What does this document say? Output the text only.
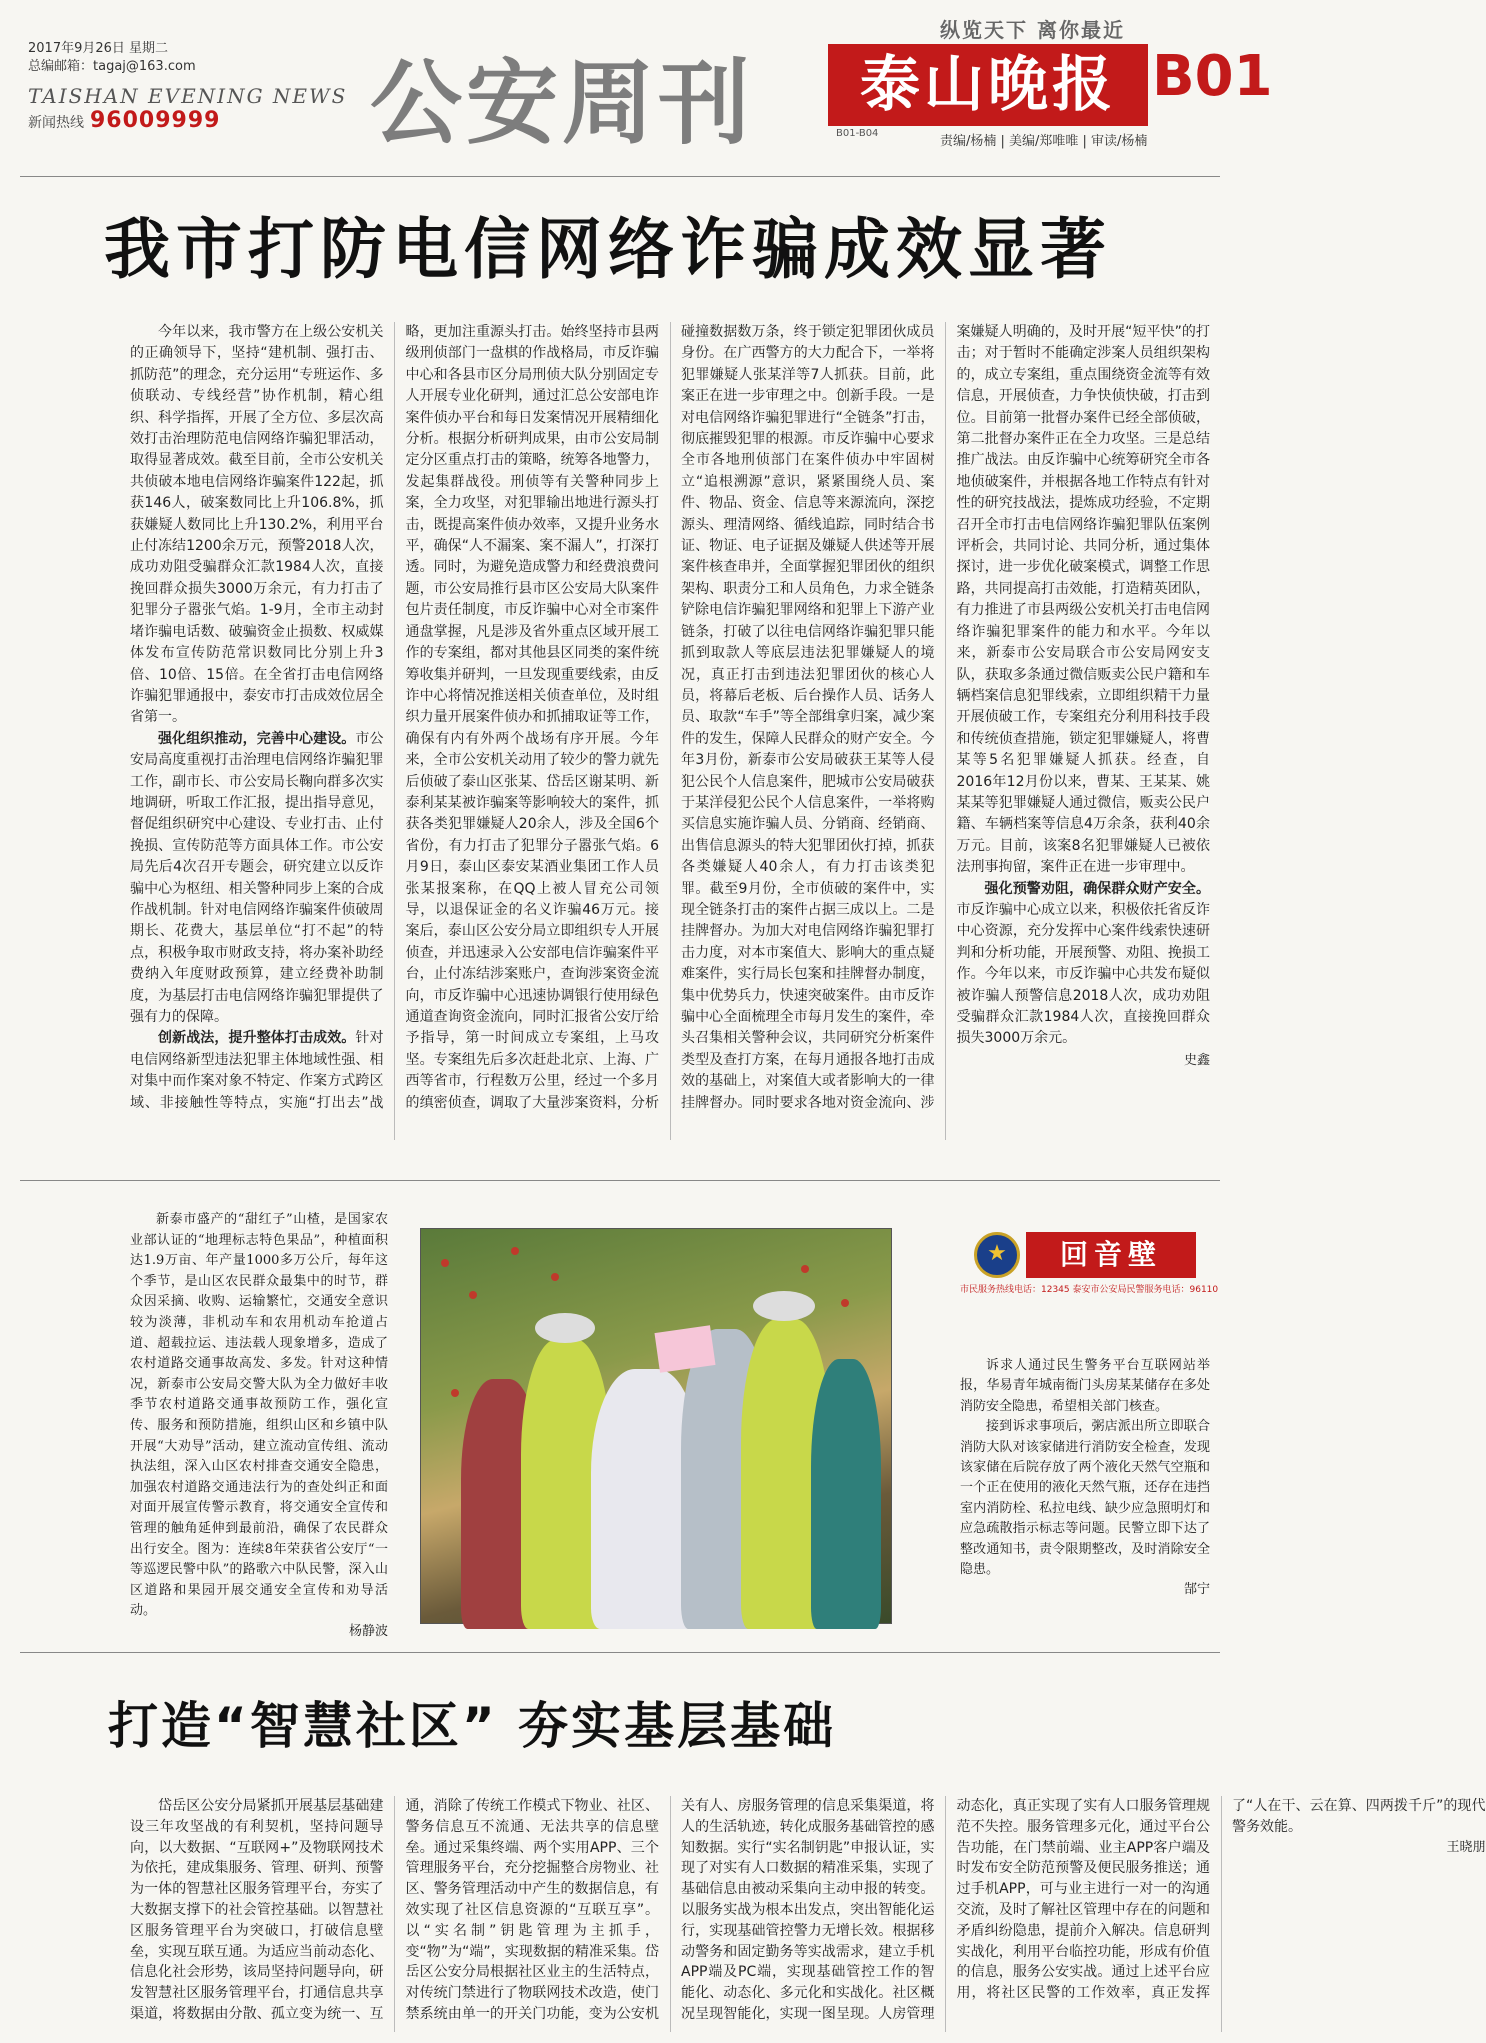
2017年9月26日 星期二
总编邮箱：tagaj@163.com
TAISHAN EVENING NEWS
新闻热线 96009999 公安周刊
纵览天下 离你最近
泰山晚报 B01
B01-B04
责编/杨楠 | 美编/郑唯唯 | 审读/杨楠
我市打防电信网络诈骗成效显著

今年以来，我市警方在上级公安机关的正确领导下，坚持“建机制、强打击、抓防范”的理念，充分运用“专班运作、多侦联动、专线经营”协作机制，精心组织、科学指挥，开展了全方位、多层次高效打击治理防范电信网络诈骗犯罪活动，取得显著成效。截至目前，全市公安机关共侦破本地电信网络诈骗案件122起，抓获146人，破案数同比上升106.8%，抓获嫌疑人数同比上升130.2%，利用平台止付冻结1200余万元，预警2018人次，成功劝阻受骗群众汇款1984人次，直接挽回群众损失3000万余元，有力打击了犯罪分子嚣张气焰。1-9月，全市主动封堵诈骗电话数、破骗资金止损数、权威媒体发布宣传防范常识数同比分别上升3倍、10倍、15倍。在全省打击电信网络诈骗犯罪通报中，泰安市打击成效位居全省第一。

强化组织推动，完善中心建设。市公安局高度重视打击治理电信网络诈骗犯罪工作，副市长、市公安局长鞠向群多次实地调研，听取工作汇报，提出指导意见，督促组织研究中心建设、专业打击、止付挽损、宣传防范等方面具体工作。市公安局先后4次召开专题会，研究建立以反诈骗中心为枢纽、相关警种同步上案的合成作战机制。针对电信网络诈骗案件侦破周期长、花费大，基层单位“打不起”的特点，积极争取市财政支持，将办案补助经费纳入年度财政预算，建立经费补助制度，为基层打击电信网络诈骗犯罪提供了强有力的保障。

创新战法，提升整体打击成效。针对电信网络新型违法犯罪主体地域性强、相对集中而作案对象不特定、作案方式跨区域、非接触性等特点，实施“打出去”战略，更加注重源头打击。始终坚持市县两级刑侦部门一盘棋的作战格局，市反诈骗中心和各县市区分局刑侦大队分别固定专人开展专业化研判，通过汇总公安部电诈案件侦办平台和每日发案情况开展精细化分析。根据分析研判成果，由市公安局制定分区重点打击的策略，统筹各地警力，发起集群战役。刑侦等有关警种同步上案，全力攻坚，对犯罪输出地进行源头打击，既提高案件侦办效率，又提升业务水平，确保“人不漏案、案不漏人”，打深打透。同时，为避免造成警力和经费浪费问题，市公安局推行县市区公安局大队案件包片责任制度，市反诈骗中心对全市案件通盘掌握，凡是涉及省外重点区域开展工作的专案组，都对其他县区同类的案件统筹收集并研判，一旦发现重要线索，由反诈中心将情况推送相关侦查单位，及时组织力量开展案件侦办和抓捕取证等工作，确保有内有外两个战场有序开展。今年来，全市公安机关动用了较少的警力就先后侦破了泰山区张某、岱岳区谢某明、新泰利某某被诈骗案等影响较大的案件，抓获各类犯罪嫌疑人20余人，涉及全国6个省份，有力打击了犯罪分子嚣张气焰。6月9日，泰山区泰安某酒业集团工作人员张某报案称，在QQ上被人冒充公司领导，以退保证金的名义诈骗46万元。接案后，泰山区公安分局立即组织专人开展侦查，并迅速录入公安部电信诈骗案件平台，止付冻结涉案账户，查询涉案资金流向，市反诈骗中心迅速协调银行使用绿色通道查询资金流向，同时汇报省公安厅给予指导，第一时间成立专案组，上马攻坚。专案组先后多次赶赴北京、上海、广西等省市，行程数万公里，经过一个多月的缜密侦查，调取了大量涉案资料，分析碰撞数据数万条，终于锁定犯罪团伙成员身份。在广西警方的大力配合下，一举将犯罪嫌疑人张某洋等7人抓获。目前，此案正在进一步审理之中。创新手段。一是对电信网络诈骗犯罪进行“全链条”打击，彻底摧毁犯罪的根源。市反诈骗中心要求全市各地刑侦部门在案件侦办中牢固树立“追根溯源”意识，紧紧围绕人员、案件、物品、资金、信息等来源流向，深挖源头、理清网络、循线追踪，同时结合书证、物证、电子证据及嫌疑人供述等开展案件核查串并，全面掌握犯罪团伙的组织架构、职责分工和人员角色，力求全链条铲除电信诈骗犯罪网络和犯罪上下游产业链条，打破了以往电信网络诈骗犯罪只能抓到取款人等底层违法犯罪嫌疑人的境况，真正打击到违法犯罪团伙的核心人员，将幕后老板、后台操作人员、话务人员、取款“车手”等全部缉拿归案，减少案件的发生，保障人民群众的财产安全。今年3月份，新泰市公安局破获王某等人侵犯公民个人信息案件，肥城市公安局破获于某洋侵犯公民个人信息案件，一举将购买信息实施诈骗人员、分销商、经销商、出售信息源头的特大犯罪团伙打掉，抓获各类嫌疑人40余人，有力打击该类犯罪。截至9月份，全市侦破的案件中，实现全链条打击的案件占据三成以上。二是挂牌督办。为加大对电信网络诈骗犯罪打击力度，对本市案值大、影响大的重点疑难案件，实行局长包案和挂牌督办制度，集中优势兵力，快速突破案件。由市反诈骗中心全面梳理全市每月发生的案件，牵头召集相关警种会议，共同研究分析案件类型及查打方案，在每月通报各地打击成效的基础上，对案值大或者影响大的一律挂牌督办。同时要求各地对资金流向、涉案嫌疑人明确的，及时开展“短平快”的打击；对于暂时不能确定涉案人员组织架构的，成立专案组，重点围绕资金流等有效信息，开展侦查，力争快侦快破，打击到位。目前第一批督办案件已经全部侦破，第二批督办案件正在全力攻坚。三是总结推广战法。由反诈骗中心统筹研究全市各地侦破案件，并根据各地工作特点有针对性的研究技战法，提炼成功经验，不定期召开全市打击电信网络诈骗犯罪队伍案例评析会，共同讨论、共同分析，通过集体探讨，进一步优化破案模式，调整工作思路，共同提高打击效能，打造精英团队，有力推进了市县两级公安机关打击电信网络诈骗犯罪案件的能力和水平。今年以来，新泰市公安局联合市公安局网安支队，获取多条通过微信贩卖公民户籍和车辆档案信息犯罪线索，立即组织精干力量开展侦破工作，专案组充分利用科技手段和传统侦查措施，锁定犯罪嫌疑人，将曹某等5名犯罪嫌疑人抓获。经查，自2016年12月份以来，曹某、王某某、姚某某等犯罪嫌疑人通过微信，贩卖公民户籍、车辆档案等信息4万余条，获利40余万元。目前，该案8名犯罪嫌疑人已被依法刑事拘留，案件正在进一步审理中。

强化预警劝阻，确保群众财产安全。市反诈骗中心成立以来，积极依托省反诈中心资源，充分发挥中心案件线索快速研判和分析功能，开展预警、劝阻、挽损工作。今年以来，市反诈骗中心共发布疑似被诈骗人预警信息2018人次，成功劝阻受骗群众汇款1984人次，直接挽回群众损失3000万余元。

史鑫

新泰市盛产的“甜红子”山楂，是国家农业部认证的“地理标志特色果品”，种植面积达1.9万亩、年产量1000多万公斤，每年这个季节，是山区农民群众最集中的时节，群众因采摘、收购、运输繁忙，交通安全意识较为淡薄，非机动车和农用机动车抢道占道、超载拉运、违法载人现象增多，造成了农村道路交通事故高发、多发。针对这种情况，新泰市公安局交警大队为全力做好丰收季节农村道路交通事故预防工作，强化宣传、服务和预防措施，组织山区和乡镇中队开展“大劝导”活动，建立流动宣传组、流动执法组，深入山区农村排查交通安全隐患，加强农村道路交通违法行为的查处纠正和面对面开展宣传警示教育，将交通安全宣传和管理的触角延伸到最前沿，确保了农民群众出行安全。图为：连续8年荣获省公安厅“一等巡逻民警中队”的路歌六中队民警，深入山区道路和果园开展交通安全宣传和劝导活动。

杨静波
★
回音壁
市民服务热线电话：12345 泰安市公安局民警服务电话：96110

诉求人通过民生警务平台互联网站举报，华易青年城南衙门头房某某储存在多处消防安全隐患，希望相关部门核查。

接到诉求事项后，粥店派出所立即联合消防大队对该家储进行消防安全检查，发现该家储在后院存放了两个液化天然气空瓶和一个正在使用的液化天然气瓶，还存在违挡室内消防栓、私拉电线、缺少应急照明灯和应急疏散指示标志等问题。民警立即下达了整改通知书，责令限期整改，及时消除安全隐患。

郜宁
打造“智慧社区” 夯实基层基础

岱岳区公安分局紧抓开展基层基础建设三年攻坚战的有利契机，坚持问题导向，以大数据、“互联网+”及物联网技术为依托，建成集服务、管理、研判、预警为一体的智慧社区服务管理平台，夯实了大数据支撑下的社会管控基础。以智慧社区服务管理平台为突破口，打破信息壁垒，实现互联互通。为适应当前动态化、信息化社会形势，该局坚持问题导向，研发智慧社区服务管理平台，打通信息共享渠道，将数据由分散、孤立变为统一、互通，消除了传统工作模式下物业、社区、警务信息互不流通、无法共享的信息壁垒。通过采集终端、两个实用APP、三个管理服务平台，充分挖掘整合房物业、社区、警务管理活动中产生的数据信息，有效实现了社区信息资源的“互联互享”。以“实名制”钥匙管理为主抓手，变“物”为“端”，实现数据的精准采集。岱岳区公安分局根据社区业主的生活特点，对传统门禁进行了物联网技术改造，使门禁系统由单一的开关门功能，变为公安机关有人、房服务管理的信息采集渠道，将人的生活轨迹，转化成服务基础管控的感知数据。实行“实名制钥匙”申报认证，实现了对实有人口数据的精准采集，实现了基础信息由被动采集向主动申报的转变。以服务实战为根本出发点，突出智能化运行，实现基础管控警力无增长效。根据移动警务和固定勤务等实战需求，建立手机APP端及PC端，实现基础管控工作的智能化、动态化、多元化和实战化。社区概况呈现智能化，实现一图呈现。人房管理动态化，真正实现了实有人口服务管理规范不失控。服务管理多元化，通过平台公告功能，在门禁前端、业主APP客户端及时发布安全防范预警及便民服务推送；通过手机APP，可与业主进行一对一的沟通交流，及时了解社区管理中存在的问题和矛盾纠纷隐患，提前介入解决。信息研判实战化，利用平台临控功能，形成有价值的信息，服务公安实战。通过上述平台应用，将社区民警的工作效率，真正发挥了“人在干、云在算、四两拨千斤”的现代警务效能。

王晓朋
